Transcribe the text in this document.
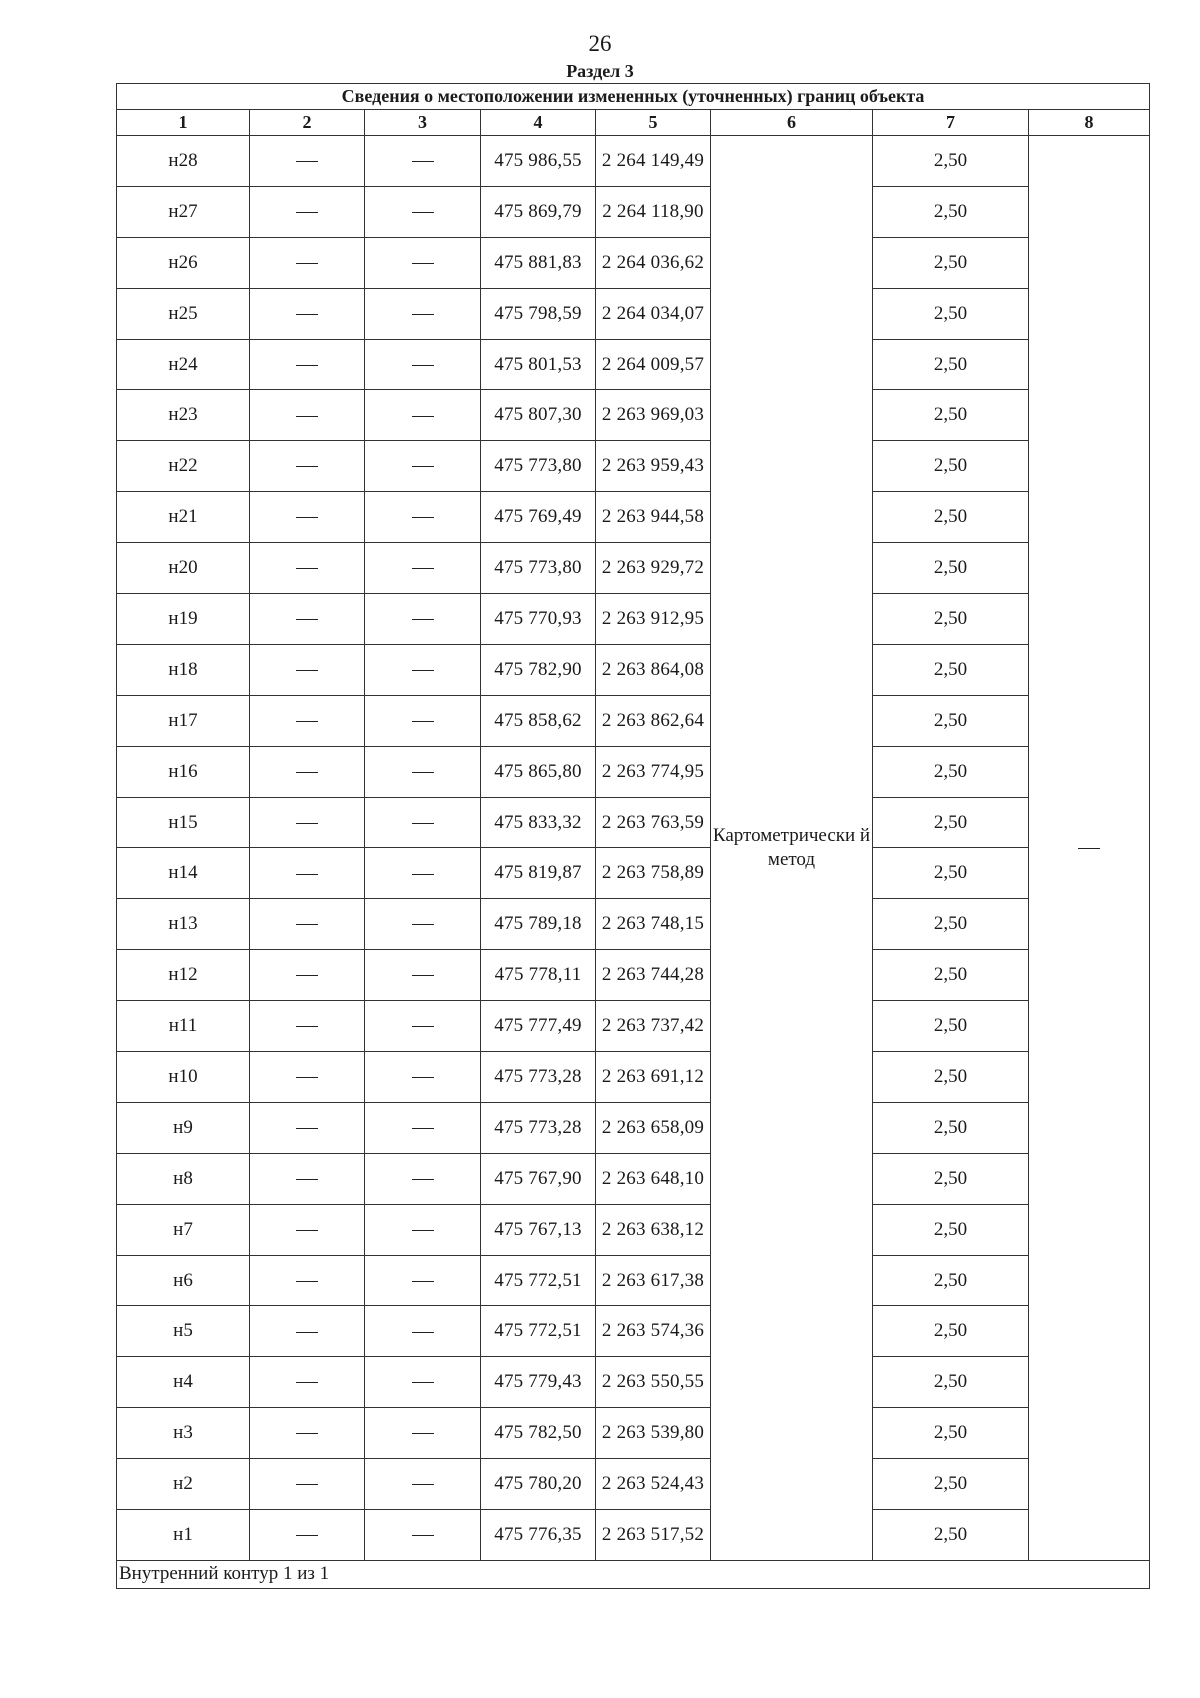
26
Раздел 3
Сведения о местоположении измененных (уточненных) границ объекта							
1	2	3	4	5	6	7	8
н28			475 986,55	2 264 149,49	Картометрически й метод	2,50	
н27			475 869,79	2 264 118,90		2,50	
н26			475 881,83	2 264 036,62		2,50	
н25			475 798,59	2 264 034,07		2,50	
н24			475 801,53	2 264 009,57		2,50	
н23			475 807,30	2 263 969,03		2,50	
н22			475 773,80	2 263 959,43		2,50	
н21			475 769,49	2 263 944,58		2,50	
н20			475 773,80	2 263 929,72		2,50	
н19			475 770,93	2 263 912,95		2,50	
н18			475 782,90	2 263 864,08		2,50	
н17			475 858,62	2 263 862,64		2,50	
н16			475 865,80	2 263 774,95		2,50	
н15			475 833,32	2 263 763,59		2,50	
н14			475 819,87	2 263 758,89		2,50	
н13			475 789,18	2 263 748,15		2,50	
н12			475 778,11	2 263 744,28		2,50	
н11			475 777,49	2 263 737,42		2,50	
н10			475 773,28	2 263 691,12		2,50	
н9			475 773,28	2 263 658,09		2,50	
н8			475 767,90	2 263 648,10		2,50	
н7			475 767,13	2 263 638,12		2,50	
н6			475 772,51	2 263 617,38		2,50	
н5			475 772,51	2 263 574,36		2,50	
н4			475 779,43	2 263 550,55		2,50	
н3			475 782,50	2 263 539,80		2,50	
н2			475 780,20	2 263 524,43		2,50	
н1			475 776,35	2 263 517,52		2,50	
Внутренний контур 1 из 1							
